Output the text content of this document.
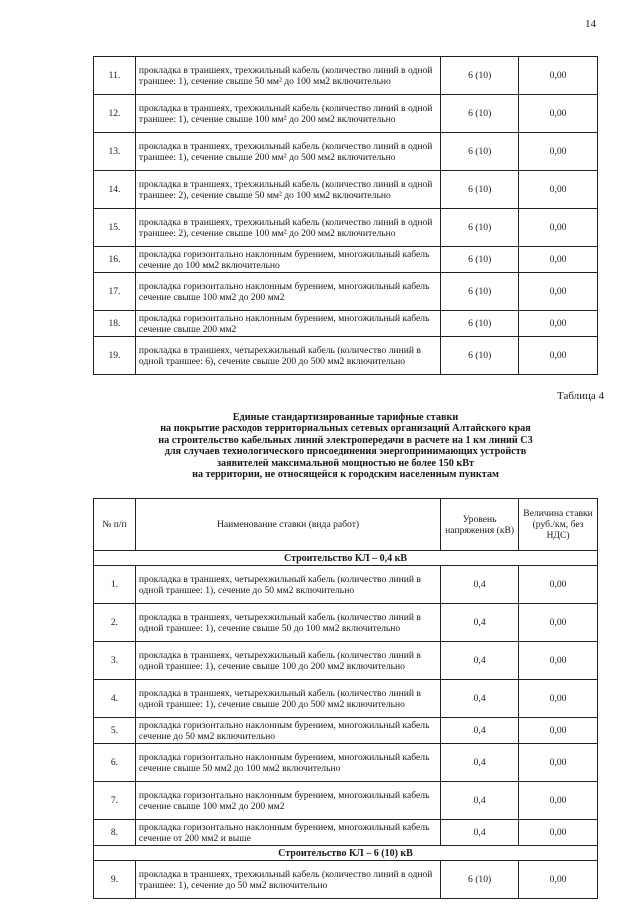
14
11.	прокладка в траншеях, трехжильный кабель (количество линий в одной траншее: 1), сечение свыше 50 мм² до 100 мм2 включительно	6 (10)	0,00
12.	прокладка в траншеях, трехжильный кабель (количество линий в одной траншее: 1), сечение свыше 100 мм² до 200 мм2 включительно	6 (10)	0,00
13.	прокладка в траншеях, трехжильный кабель (количество линий в одной траншее: 1), сечение свыше 200 мм² до 500 мм2 включительно	6 (10)	0,00
14.	прокладка в траншеях, трехжильный кабель (количество линий в одной траншее: 2), сечение свыше 50 мм² до 100 мм2 включительно	6 (10)	0,00
15.	прокладка в траншеях, трехжильный кабель (количество линий в одной траншее: 2), сечение свыше 100 мм² до 200 мм2 включительно	6 (10)	0,00
16.	прокладка горизонтально наклонным бурением, многожильный кабель сечение до 100 мм2 включительно	6 (10)	0,00
17.	прокладка горизонтально наклонным бурением, многожильный кабель сечение свыше 100 мм2 до 200 мм2	6 (10)	0,00
18.	прокладка горизонтально наклонным бурением, многожильный кабель сечение свыше 200 мм2	6 (10)	0,00
19.	прокладка в траншеях, четырехжильный кабель (количество линий в одной траншее: 6), сечение свыше 200 до 500 мм2 включительно	6 (10)	0,00
Таблица 4
Единые стандартизированные тарифные ставки
на покрытие расходов территориальных сетевых организаций Алтайского края
на строительство кабельных линий электропередачи в расчете на 1 км линий С3
для случаев технологического присоединения энергопринимающих устройств
заявителей максимальной мощностью не более 150 кВт
на территории, не относящейся к городским населенным пунктам
№ п/п	Наименование ставки (вида работ)	Уровень напряжения (кВ)	Величина ставки (руб./км, без НДС)
Строительство КЛ – 0,4 кВ			
1.	прокладка в траншеях, четырехжильный кабель (количество линий в одной траншее: 1), сечение до 50 мм2 включительно	0,4	0,00
2.	прокладка в траншеях, четырехжильный кабель (количество линий в одной траншее: 1), сечение свыше 50 до 100 мм2 включительно	0,4	0,00
3.	прокладка в траншеях, четырехжильный кабель (количество линий в одной траншее: 1), сечение свыше 100 до 200 мм2 включительно	0,4	0,00
4.	прокладка в траншеях, четырехжильный кабель (количество линий в одной траншее: 1), сечение свыше 200 до 500 мм2 включительно	0,4	0,00
5.	прокладка горизонтально наклонным бурением, многожильный кабель сечение до 50 мм2 включительно	0,4	0,00
6.	прокладка горизонтально наклонным бурением, многожильный кабель сечение свыше 50 мм2 до 100 мм2 включительно	0,4	0,00
7.	прокладка горизонтально наклонным бурением, многожильный кабель сечение свыше 100 мм2 до 200 мм2	0,4	0,00
8.	прокладка горизонтально наклонным бурением, многожильный кабель сечение от 200 мм2 и выше	0,4	0,00
Строительство КЛ – 6 (10) кВ			
9.	прокладка в траншеях, трехжильный кабель (количество линий в одной траншее: 1), сечение до 50 мм2 включительно	6 (10)	0,00
